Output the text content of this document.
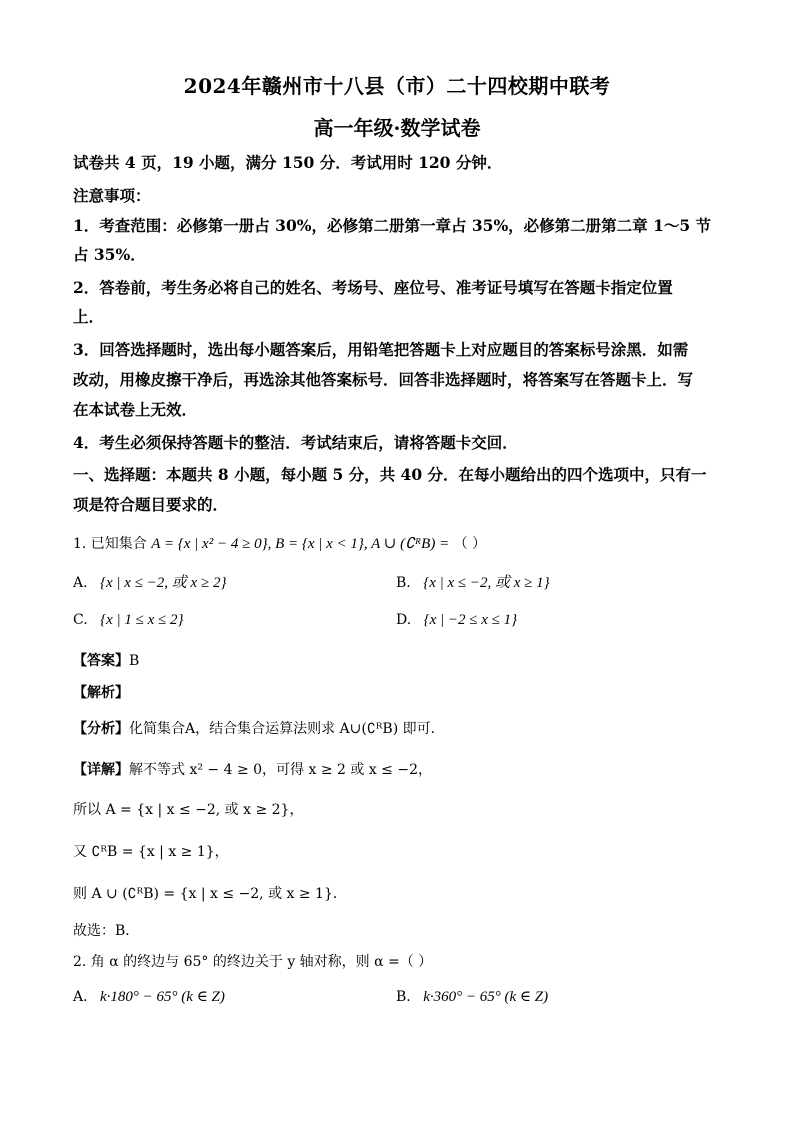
2024年赣州市十八县（市）二十四校期中联考
高一年级·数学试卷
试卷共 4 页，19 小题，满分 150 分．考试用时 120 分钟．
注意事项：
1．考查范围：必修第一册占 30%，必修第二册第一章占 35%，必修第二册第二章 1～5 节
占 35%．
2．答卷前，考生务必将自己的姓名、考场号、座位号、准考证号填写在答题卡指定位置
上．
3．回答选择题时，选出每小题答案后，用铅笔把答题卡上对应题目的答案标号涂黑．如需
改动，用橡皮擦干净后，再选涂其他答案标号．回答非选择题时，将答案写在答题卡上．写
在本试卷上无效．
4．考生必须保持答题卡的整洁．考试结束后，请将答题卡交回．
一、选择题：本题共 8 小题，每小题 5 分，共 40 分．在每小题给出的四个选项中，只有一
项是符合题目要求的．
1. 已知集合 A = {x | x² − 4 ≥ 0}, B = {x | x < 1}, A ∪ (∁ᴿB) = （ ）
A. {x | x ≤ −2, 或 x ≥ 2}	B. {x | x ≤ −2, 或 x ≥ 1}
C. {x | 1 ≤ x ≤ 2}	D. {x | −2 ≤ x ≤ 1}
【答案】B
【解析】
【分析】化简集合A，结合集合运算法则求 A∪(∁ᴿB) 即可.
【详解】解不等式 x² − 4 ≥ 0，可得 x ≥ 2 或 x ≤ −2，
所以 A = {x | x ≤ −2, 或 x ≥ 2}，
又 ∁ᴿB = {x | x ≥ 1}，
则 A ∪ (∁ᴿB) = {x | x ≤ −2, 或 x ≥ 1}．
故选：B．
2. 角 α 的终边与 65° 的终边关于 y 轴对称，则 α =（ ）
A. k·180° − 65° (k ∈ Z)	B. k·360° − 65° (k ∈ Z)
